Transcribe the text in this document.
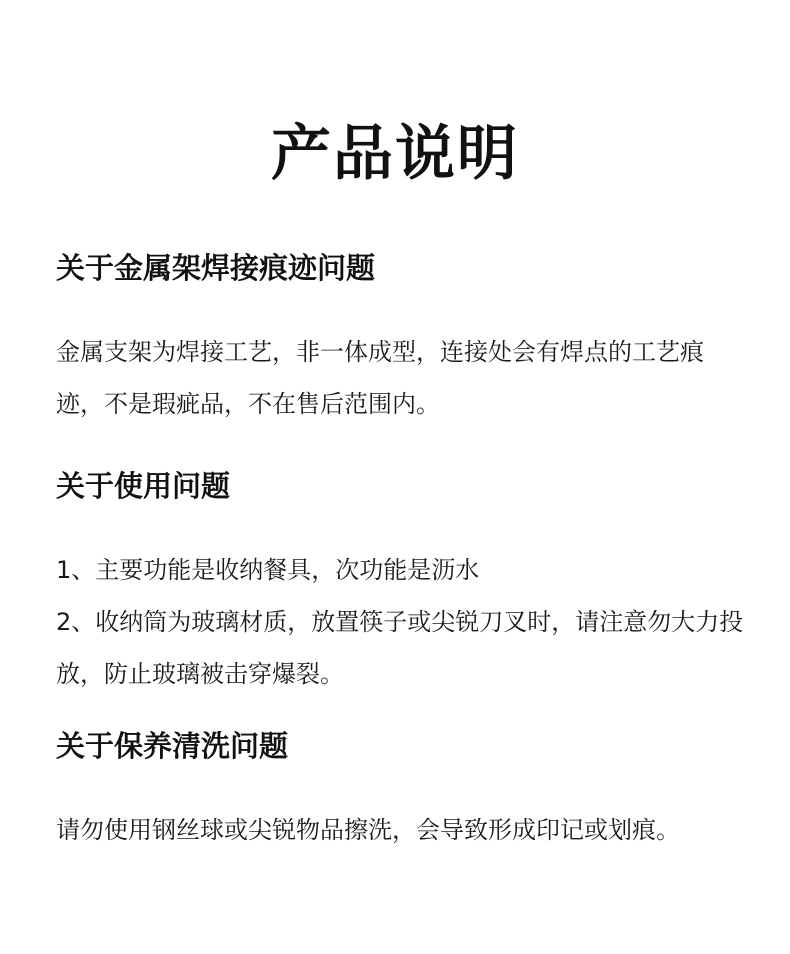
产品说明
关于金属架焊接痕迹问题

金属支架为焊接工艺，非一体成型，连接处会有焊点的工艺痕迹，不是瑕疵品，不在售后范围内。

关于使用问题

1、主要功能是收纳餐具，次功能是沥水

2、收纳筒为玻璃材质，放置筷子或尖锐刀叉时，请注意勿大力投放，防止玻璃被击穿爆裂。

关于保养清洗问题

请勿使用钢丝球或尖锐物品擦洗，会导致形成印记或划痕。
